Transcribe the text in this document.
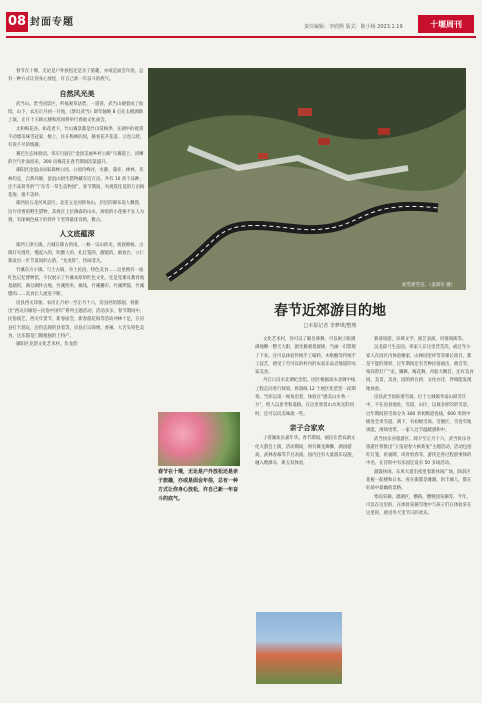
08 封面专题	责任编辑：李欣熙 版式：陈小杨 2023.1.19	十堰周刊

春节在十堰，无论是户外放松还是亲子旅趣，亦或是面会年俗，总有一种方式让你身心放松，许自己新一年奋斗的底气。

自然风光美

武当山。贵当国景区，听福观草法势，一道客，武当山便架成了仙境，山下，农历正月初一开始，《梦幻武当》即年轴映 8 点在太极湖除上演，正月十五除元楼和浑园将举行春庭文化庙会。

太和梅花谷。如花麦下，竹山赛景都是竹山赏梅季。在湖中的观赏不动想美味雪冠家，棍上，住在梅林的园，静看花开花落，云卷云舒，有说不尽的情趣。

赛巴生态体验园。邻车行驶在“金团美丽乡村公路”马赛道上，清晰的空气扑面而来，300 亩梅花在春节期间次第盛开。

郧阳区沧浪山国家森林公园。公园内峰谷，水静，蒲赤，林林，杏林均宜，自然环静，沧浪山尉生猎物藏有近万亩，共有 10 余个品种，还不品赏冬的“宁东雪一草生态物园”，春节期间，央观赏任竟的万亩梅花海，很不美妙。

郧西县五龙河风景区。北连五龙河的每山，层层的瀑布追人飘然，这片诗香的野生猎物，其规在上层薄森的山水，渗浓的小花格不在人为刻，有深褐色枝干的铁叶下竖得最优诗新，雅古。

人文底蕴深

郧西上津古镇。古城在郧古的南，一杨一宗山的史，夜观筛杨，古镇灯火漫吁，慢起入的，吹颤人的，扎灯笼的，靓能的，敢戏台，公仁寨发出一步节落间的古韵，“龙虎阵”，热闹非凡。

竹溪东方小镇。与土古镇，舟土民俗，特色美食……这里拥有一座红色记忆博物馆，不仅展示了竹溪本原的红色文化，还是党课及教育地基础的，满分湖怀古地，竹溪西米，揭钱，竹溪栅市，竹溪锣鼓，竹溪腊肉……美食让人流连不断。

房县西关印象。农历正月初一至正月十六，房县西的影剧，将推出“西关闪缘迎—民俗中国年”系列主题活动，活动多多，春节期间中，民俗演艺，西关年货节，新春庙会，新春游花海等活动冲林十足，在房县打卡游玩，还仍态现的县着等，房县正宗锦绣，香辣，大舌头特色美食，这乐都是门赣他独的上特产。

郧阳区龙韵文化艺术村。作龙韵

初雪窗雪宫。（姜鸿军 摄）
春节近郊游目的地
□本报记者 李梦琪/整理
春节在十堰，无论是户外放松还是亲子旅趣，亦或是面会年俗，总有一种方式让你身心放松，许自己新一年奋斗的底气。

文化艺术村，你可以了解皇鼻舞，可以闲上眼满满地聊一整天大阳，剧光极刻着旋锦，当画一幻影般了下来。还可以体验传统手工编料，木框酿等传统手工技艺，感受了否可以的村内的农家乐品尝地道的农家美食。

丹江口汉水北调纪念馆。园区根据南水北调中线工程走向进行规划，将游线 12 个展区化装型一段期奏。当你以第一视角沿着，体验在“感美山水秀一方”，给人以思考和道路。在这里欣赏山水风光的同时，还可以向美味就一些。

亲子合家欢

子霄湖欢乐嘉年华。春节期间，丽民在营农湖文化大游会上演，活动期间，将有舞龙舞狮，满园游戏，武林春幕等节目表演，园内还有大量游乐设施，融入喂瀑布，新五双体验，

猜谜项游，异域文学，演艺表演，风情商街等。

吴龙霍弓生态园。率家人在这里营荒茨，或过年小家人在园区内体验聚家，山林园里坪等等课长项目，都是不能的迷析，过年期间还有苦种民俗演出，曲会等，柏高带灯广“龙，狮舞，梅花舞，舟船大飘首，还有美食园，美景，美食，园的滑台拼，文化亦诗，伴相能发现地体验。

房县武当国际滑雪场。位于主城镇华南山阳雪区中，不在房县地处，雪道，山区，以观多样的的雪景，过年期间的雪场分为 300 米初级道也线，600 米到中级进全米雪道，满下，有初级雪场、雪圈区，雪卷雪地项能，滑场里带，一家人过节温暖感和中。

武当快乐谷旅游区。除夕至正月十六，武当快乐谷旅游区将推出“玉兔迎春大候新兔”主题活动，活动包括红灯笼，祈福牌，风骨剪春等，游侠还各过程验事体的中名，在冒险中有乐园还设有 50 多场活动。

溜鼓休闲。东风大道出夜里着新休闲广场，除前区花板一般楼和日本，看在街都是滩湖，的丰城人，都在好场中最幽的景路。

寒雨采摘。溜湖区，横路，樱桃园采摘等，今年，可以在这里的，在体验采摘雪地中与孩子们在体验采在这里的，感受冬天里节日的欢乐。
